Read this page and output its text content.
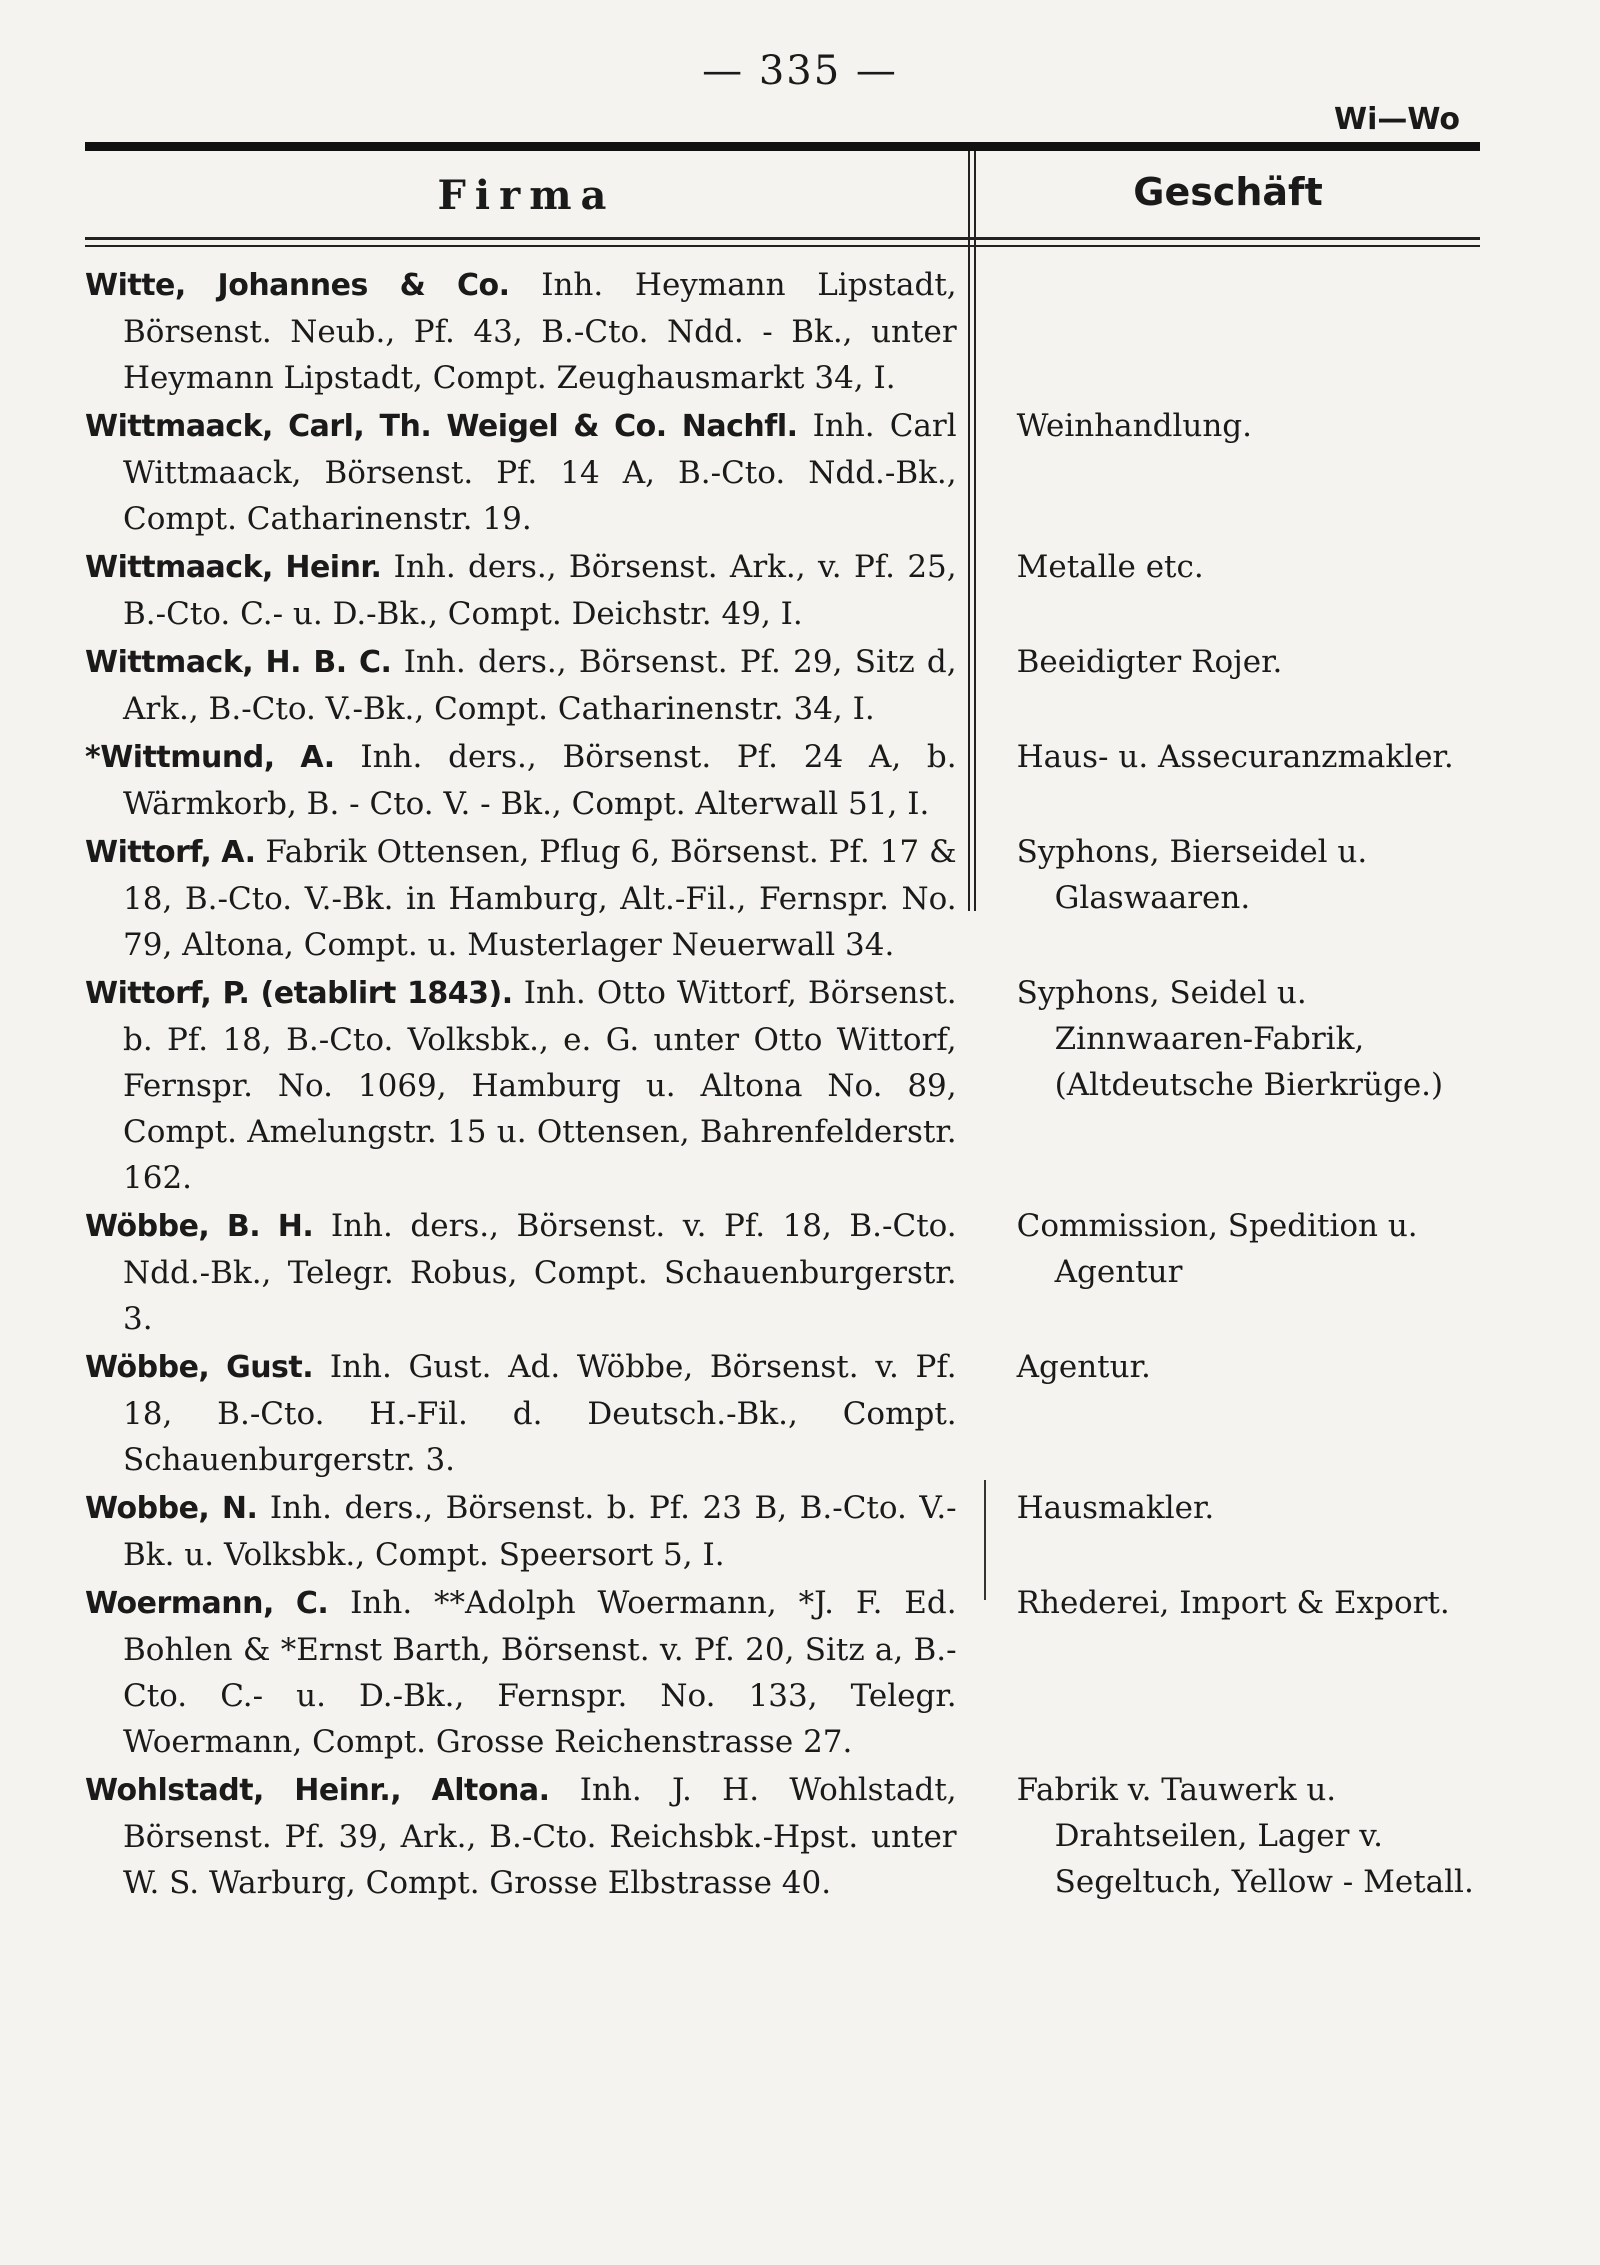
— 335 —
Wi—Wo
Firma	Geschäft
Witte, Johannes & Co. Inh. Heymann Lipstadt, Börsenst. Neub., Pf. 43, B.-Cto. Ndd. - Bk., unter Heymann Lipstadt, Compt. Zeughausmarkt 34, I.
Wittmaack, Carl, Th. Weigel & Co. Nachfl. Inh. Carl Wittmaack, Börsenst. Pf. 14 A, B.-Cto. Ndd.-Bk., Compt. Catharinenstr. 19.
Weinhandlung.
Wittmaack, Heinr. Inh. ders., Börsenst. Ark., v. Pf. 25, B.-Cto. C.- u. D.-Bk., Compt. Deichstr. 49, I.
Metalle etc.
Wittmack, H. B. C. Inh. ders., Börsenst. Pf. 29, Sitz d, Ark., B.-Cto. V.-Bk., Compt. Catharinenstr. 34, I.
Beeidigter Rojer.
*Wittmund, A. Inh. ders., Börsenst. Pf. 24 A, b. Wärmkorb, B. - Cto. V. - Bk., Compt. Alterwall 51, I.
Haus- u. Assecuranzmakler.
Wittorf, A. Fabrik Ottensen, Pflug 6, Börsenst. Pf. 17 & 18, B.-Cto. V.-Bk. in Hamburg, Alt.-Fil., Fernspr. No. 79, Altona, Compt. u. Musterlager Neuerwall 34.
Syphons, Bierseidel u. Glaswaaren.
Wittorf, P. (etablirt 1843). Inh. Otto Wittorf, Börsenst. b. Pf. 18, B.-Cto. Volksbk., e. G. unter Otto Wittorf, Fernspr. No. 1069, Hamburg u. Altona No. 89, Compt. Amelungstr. 15 u. Ottensen, Bahrenfelderstr. 162.
Syphons, Seidel u. Zinnwaaren-Fabrik, (Altdeutsche Bierkrüge.)
Wöbbe, B. H. Inh. ders., Börsenst. v. Pf. 18, B.-Cto. Ndd.-Bk., Telegr. Robus, Compt. Schauenburgerstr. 3.
Commission, Spedition u. Agentur
Wöbbe, Gust. Inh. Gust. Ad. Wöbbe, Börsenst. v. Pf. 18, B.-Cto. H.-Fil. d. Deutsch.-Bk., Compt. Schauenburgerstr. 3.
Agentur.
Wobbe, N. Inh. ders., Börsenst. b. Pf. 23 B, B.-Cto. V.-Bk. u. Volksbk., Compt. Speersort 5, I.
Hausmakler.
Woermann, C. Inh. **Adolph Woermann, *J. F. Ed. Bohlen & *Ernst Barth, Börsenst. v. Pf. 20, Sitz a, B.-Cto. C.- u. D.-Bk., Fernspr. No. 133, Telegr. Woermann, Compt. Grosse Reichenstrasse 27.
Rhederei, Import & Export.
Wohlstadt, Heinr., Altona. Inh. J. H. Wohlstadt, Börsenst. Pf. 39, Ark., B.-Cto. Reichsbk.-Hpst. unter W. S. Warburg, Compt. Grosse Elbstrasse 40.
Fabrik v. Tauwerk u. Drahtseilen, Lager v. Segeltuch, Yellow - Metall.
